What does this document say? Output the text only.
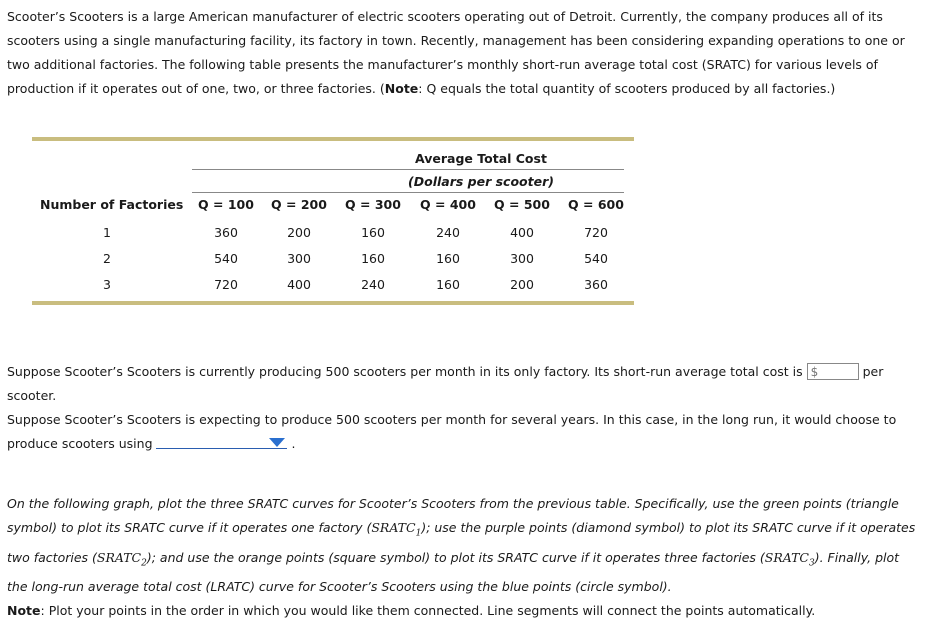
Scooter’s Scooters is a large American manufacturer of electric scooters operating out of Detroit. Currently, the company produces all of its scooters using a single manufacturing facility, its factory in town. Recently, management has been considering expanding operations to one or two additional factories. The following table presents the manufacturer’s monthly short-run average total cost (SRATC) for various levels of production if it operates out of one, two, or three factories. (Note: Q equals the total quantity of scooters produced by all factories.)
Average Total Cost
(Dollars per scooter)
Number of Factories Q = 100 Q = 200 Q = 300 Q = 400 Q = 500 Q = 600
1	360	200	160	240	400	720
2	540	300	160	160	300	540
3	720	400	240	160	200	360
Suppose Scooter’s Scooters is currently producing 500 scooters per month in its only factory. Its short-run average total cost is $	per scooter.
Suppose Scooter’s Scooters is expecting to produce 500 scooters per month for several years. In this case, in the long run, it would choose to produce scooters using	.
On the following graph, plot the three SRATC curves for Scooter’s Scooters from the previous table. Specifically, use the green points (triangle symbol) to plot its SRATC curve if it operates one factory $(SRATC_1)$; use the purple points (diamond symbol) to plot its SRATC curve if it operates two factories $(SRATC_2)$; and use the orange points (square symbol) to plot its SRATC curve if it operates three factories $(SRATC_3)$. Finally, plot the long-run average total cost (LRATC) curve for Scooter’s Scooters using the blue points (circle symbol).
Note: Plot your points in the order in which you would like them connected. Line segments will connect the points automatically.
